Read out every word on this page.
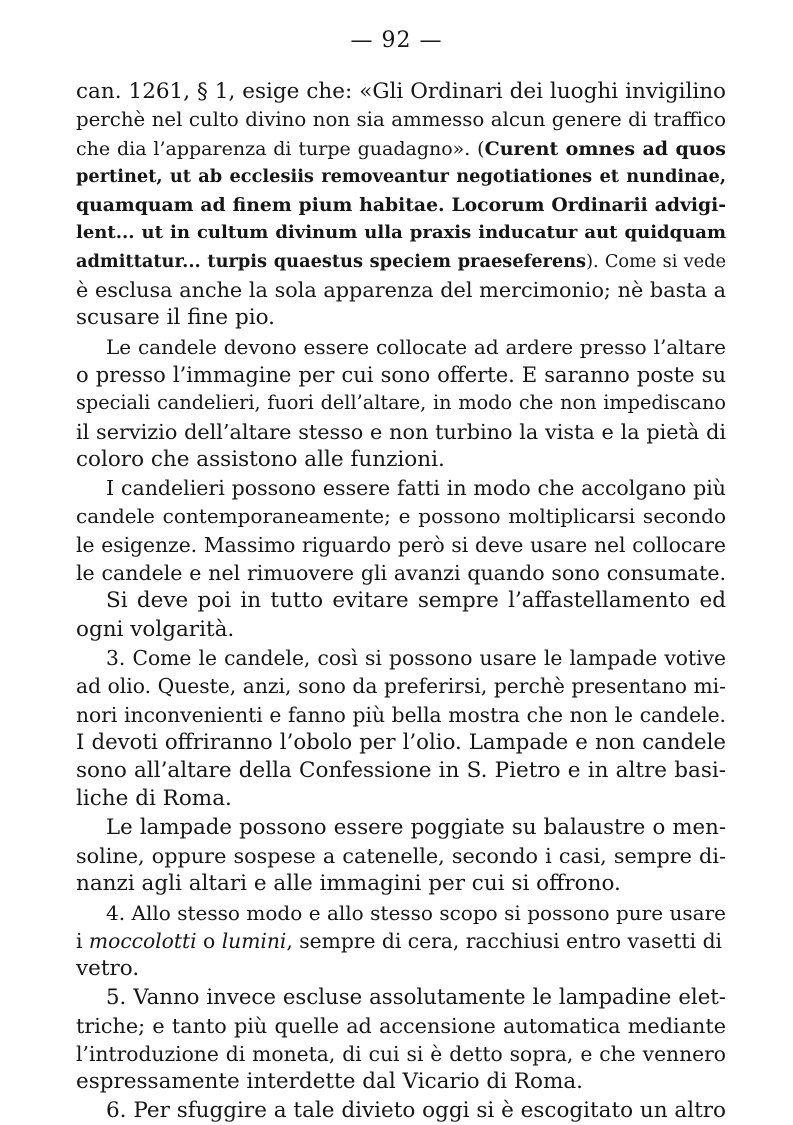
— 92 —
can. 1261, § 1, esige che: «Gli Ordinari dei luoghi invigilino
perchè nel culto divino non sia ammesso alcun genere di traffico
che dia l’apparenza di turpe guadagno». (Curent omnes ad quos
pertinet, ut ab ecclesiis removeantur negotiationes et nundinae,
quamquam ad finem pium habitae. Locorum Ordinarii advigi-
lent... ut in cultum divinum ulla praxis inducatur aut quidquam
admittatur... turpis quaestus speciem praeseferens). Come si vede
è esclusa anche la sola apparenza del mercimonio; nè basta a
scusare il fine pio.
Le candele devono essere collocate ad ardere presso l’altare
o presso l’immagine per cui sono offerte. E saranno poste su
speciali candelieri, fuori dell’altare, in modo che non impediscano
il servizio dell’altare stesso e non turbino la vista e la pietà di
coloro che assistono alle funzioni.
I candelieri possono essere fatti in modo che accolgano più
candele contemporaneamente; e possono moltiplicarsi secondo
le esigenze. Massimo riguardo però si deve usare nel collocare
le candele e nel rimuovere gli avanzi quando sono consumate.
Si deve poi in tutto evitare sempre l’affastellamento ed
ogni volgarità.
3. Come le candele, così si possono usare le lampade votive
ad olio. Queste, anzi, sono da preferirsi, perchè presentano mi-
nori inconvenienti e fanno più bella mostra che non le candele.
I devoti offriranno l’obolo per l’olio. Lampade e non candele
sono all’altare della Confessione in S. Pietro e in altre basi-
liche di Roma.
Le lampade possono essere poggiate su balaustre o men-
soline, oppure sospese a catenelle, secondo i casi, sempre di-
nanzi agli altari e alle immagini per cui si offrono.
4. Allo stesso modo e allo stesso scopo si possono pure usare
i moccolotti o lumini, sempre di cera, racchiusi entro vasetti di
vetro.
5. Vanno invece escluse assolutamente le lampadine elet-
triche; e tanto più quelle ad accensione automatica mediante
l’introduzione di moneta, di cui si è detto sopra, e che vennero
espressamente interdette dal Vicario di Roma.
6. Per sfuggire a tale divieto oggi si è escogitato un altro
